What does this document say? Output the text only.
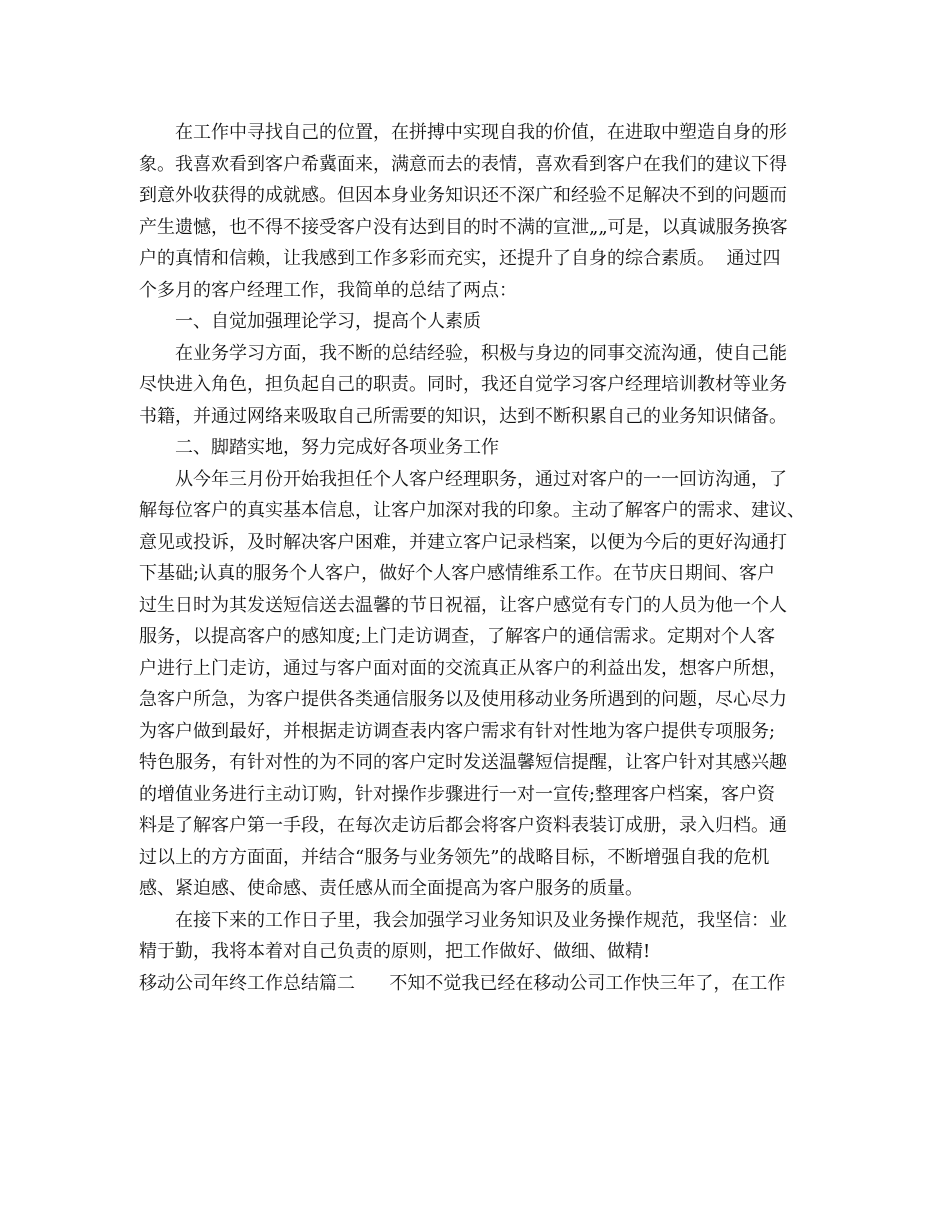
在工作中寻找自己的位置，在拼搏中实现自我的价值，在进取中塑造自身的形
象。我喜欢看到客户希冀面来，满意而去的表情，喜欢看到客户在我们的建议下得
到意外收获得的成就感。但因本身业务知识还不深广和经验不足解决不到的问题而
产生遗憾，也不得不接受客户没有达到目的时不满的宣泄„„可是，以真诚服务换客
户的真情和信赖，让我感到工作多彩而充实，还提升了自身的综合素质。  通过四
个多月的客户经理工作，我简单的总结了两点：
一、自觉加强理论学习，提高个人素质
在业务学习方面，我不断的总结经验，积极与身边的同事交流沟通，使自己能
尽快进入角色，担负起自己的职责。同时，我还自觉学习客户经理培训教材等业务
书籍，并通过网络来吸取自己所需要的知识，达到不断积累自己的业务知识储备。
二、脚踏实地，努力完成好各项业务工作
从今年三月份开始我担任个人客户经理职务，通过对客户的一一回访沟通，了
解每位客户的真实基本信息，让客户加深对我的印象。主动了解客户的需求、建议、
意见或投诉，及时解决客户困难，并建立客户记录档案，以便为今后的更好沟通打
下基础;认真的服务个人客户，做好个人客户感情维系工作。在节庆日期间、客户
过生日时为其发送短信送去温馨的节日祝福，让客户感觉有专门的人员为他一个人
服务，以提高客户的感知度;上门走访调查，了解客户的通信需求。定期对个人客
户进行上门走访，通过与客户面对面的交流真正从客户的利益出发，想客户所想，
急客户所急，为客户提供各类通信服务以及使用移动业务所遇到的问题，尽心尽力
为客户做到最好，并根据走访调查表内客户需求有针对性地为客户提供专项服务;
特色服务，有针对性的为不同的客户定时发送温馨短信提醒，让客户针对其感兴趣
的增值业务进行主动订购，针对操作步骤进行一对一宣传;整理客户档案，客户资
料是了解客户第一手段，在每次走访后都会将客户资料表装订成册，录入归档。通
过以上的方方面面，并结合“服务与业务领先”的战略目标，不断增强自我的危机
感、紧迫感、使命感、责任感从而全面提高为客户服务的质量。
在接下来的工作日子里，我会加强学习业务知识及业务操作规范，我坚信：业
精于勤，我将本着对自己负责的原则，把工作做好、做细、做精!
移动公司年终工作总结篇二      不知不觉我已经在移动公司工作快三年了，在工作
